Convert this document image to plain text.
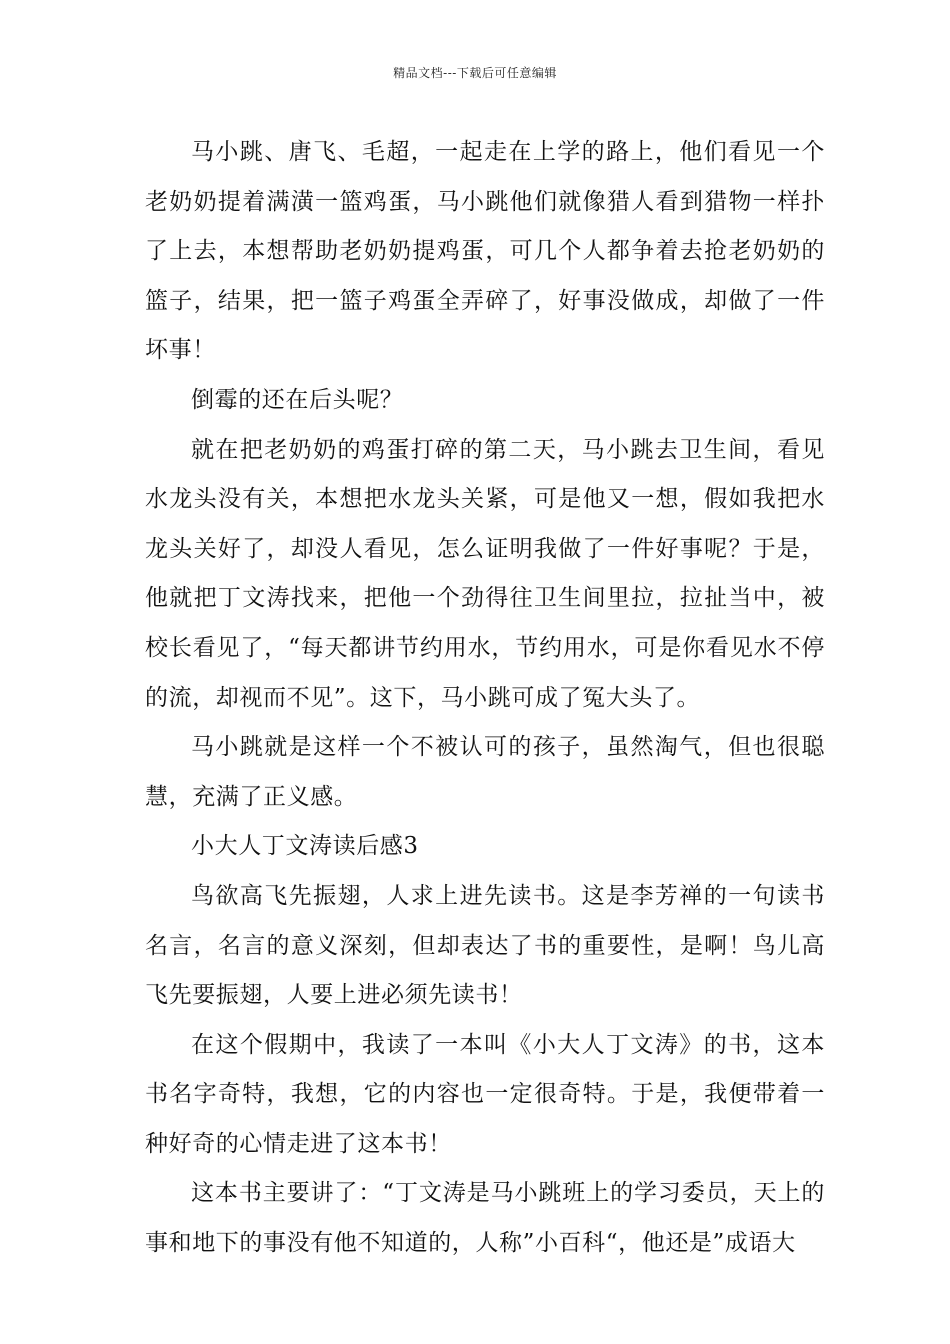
精品文档---下载后可任意编辑

马小跳、唐飞、毛超，一起走在上学的路上，他们看见一个老奶奶提着满潢一篮鸡蛋，马小跳他们就像猎人看到猎物一样扑了上去，本想帮助老奶奶提鸡蛋，可几个人都争着去抢老奶奶的篮子，结果，把一篮子鸡蛋全弄碎了，好事没做成，却做了一件坏事！

倒霉的还在后头呢？

就在把老奶奶的鸡蛋打碎的第二天，马小跳去卫生间，看见水龙头没有关，本想把水龙头关紧，可是他又一想，假如我把水龙头关好了，却没人看见，怎么证明我做了一件好事呢？于是，他就把丁文涛找来，把他一个劲得往卫生间里拉，拉扯当中，被校长看见了，“每天都讲节约用水，节约用水，可是你看见水不停的流，却视而不见”。这下，马小跳可成了冤大头了。

马小跳就是这样一个不被认可的孩子，虽然淘气，但也很聪慧，充满了正义感。

小大人丁文涛读后感3

鸟欲高飞先振翅，人求上进先读书。这是李芳禅的一句读书名言，名言的意义深刻，但却表达了书的重要性，是啊！鸟儿高飞先要振翅，人要上进必须先读书！

在这个假期中，我读了一本叫《小大人丁文涛》的书，这本书名字奇特，我想，它的内容也一定很奇特。于是，我便带着一种好奇的心情走进了这本书！

这本书主要讲了：“丁文涛是马小跳班上的学习委员，天上的事和地下的事没有他不知道的，人称”小百科“，他还是”成语大
